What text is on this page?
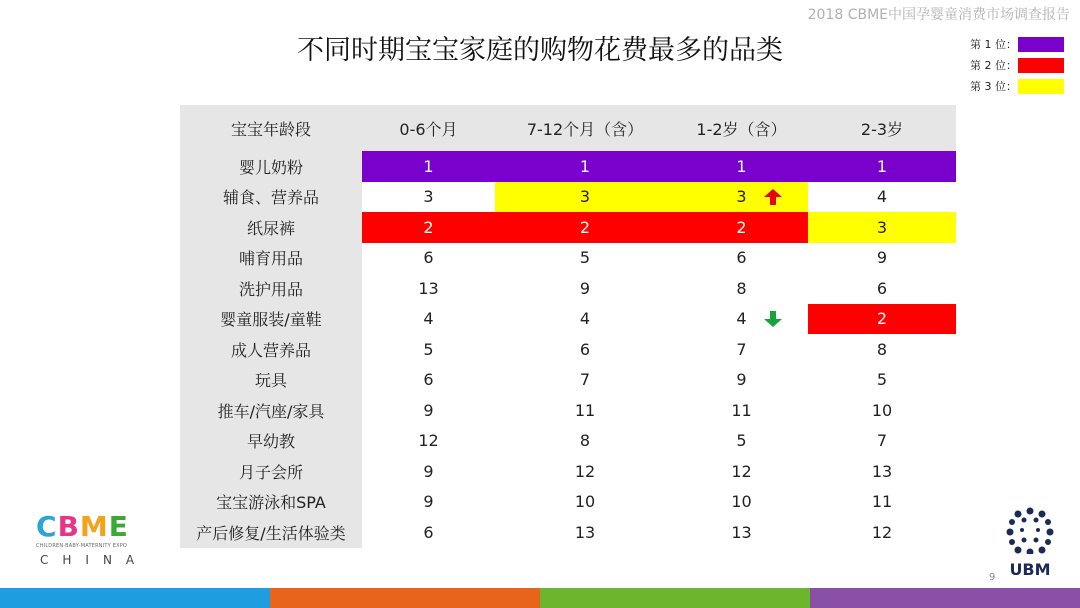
2018 CBME中国孕婴童消费市场调查报告
不同时期宝宝家庭的购物花费最多的品类	第 1 位：
第 2 位：
第 3 位：
宝宝年龄段	0-6个月	7-12个月（含）	1-2岁（含）	2-3岁
婴儿奶粉	1	1	1	1
辅食、营养品	3	3	3	4
纸尿裤	2	2	2	3
哺育用品	6	5	6	9
洗护用品	13	9	8	6
婴童服装/童鞋	4	4	4	2
成人营养品	5	6	7	8
玩具	6	7	9	5
推车/汽座/家具	9	11	11	10
早幼教	12	8	5	7
月子会所	9	12	12	13
宝宝游泳和SPA	9	10	10	11
产后修复/生活体验类	6	13	13	12
C B M E
CHILDREN·BABY·MATERNITY EXPO
CHINA	UBM
9
